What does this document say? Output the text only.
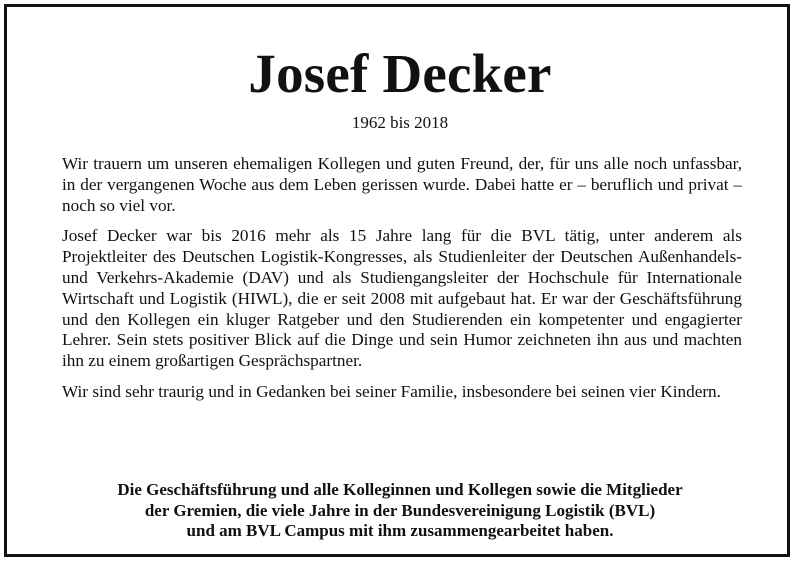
Josef Decker
1962 bis 2018

Wir trauern um unseren ehemaligen Kollegen und guten Freund, der, für uns alle noch unfassbar, in der vergangenen Woche aus dem Leben gerissen wurde. Dabei hatte er – beruflich und privat – noch so viel vor.

Josef Decker war bis 2016 mehr als 15 Jahre lang für die BVL tätig, unter anderem als Projektleiter des Deutschen Logistik-Kongresses, als Studienleiter der Deutschen Außenhandels- und Verkehrs-Akademie (DAV) und als Studiengangsleiter der Hochschule für Internationale Wirtschaft und Logistik (HIWL), die er seit 2008 mit aufgebaut hat. Er war der Geschäftsführung und den Kollegen ein kluger Ratgeber und den Studierenden ein kompetenter und engagierter Lehrer. Sein stets positiver Blick auf die Dinge und sein Humor zeichneten ihn aus und machten ihn zu einem großartigen Gesprächspartner.

Wir sind sehr traurig und in Gedanken bei seiner Familie, insbesondere bei seinen vier Kindern.

Die Geschäftsführung und alle Kolleginnen und Kollegen sowie die Mitglieder
der Gremien, die viele Jahre in der Bundesvereinigung Logistik (BVL)
und am BVL Campus mit ihm zusammengearbeitet haben.
